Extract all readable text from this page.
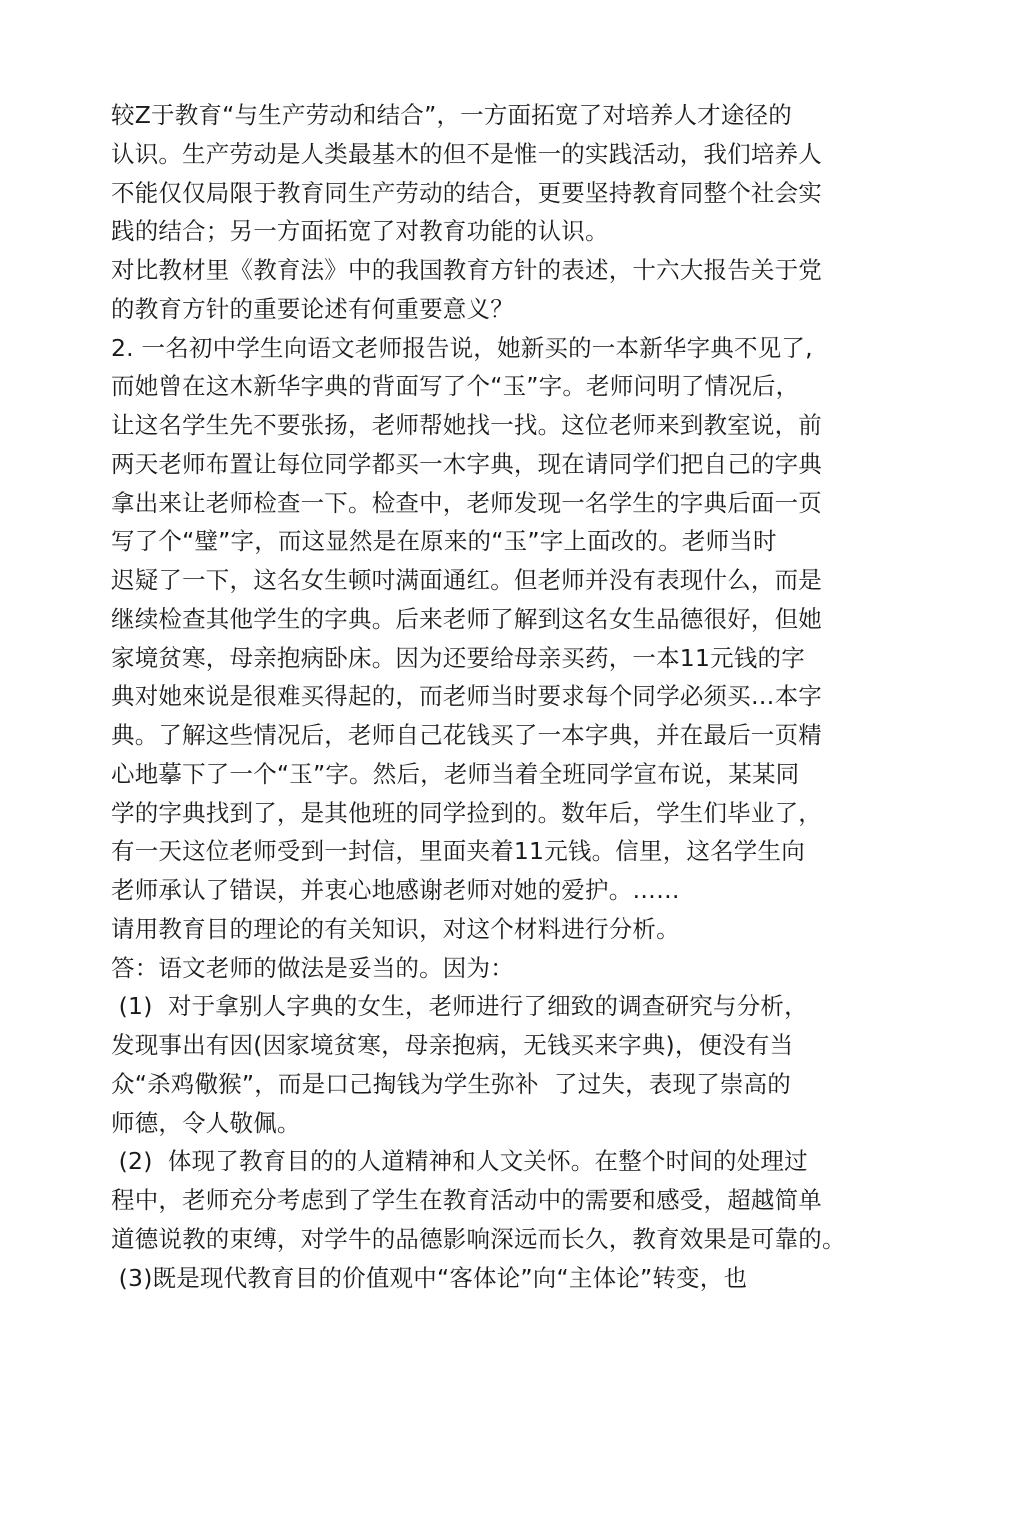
较Z于教育“与生产劳动和结合”，一方面拓宽了对培养人才途径的
认识。生产劳动是人类最基木的但不是惟一的实践活动，我们培养人
不能仅仅局限于教育同生产劳动的结合，更要坚持教育同整个社会实
践的结合；另一方面拓宽了对教育功能的认识。
对比教材里《教育法》中的我国教育方针的表述，十六大报告关于党
的教育方针的重要论述有何重要意义？
2. 一名初中学生向语文老师报告说，她新买的一本新华字典不见了,
而她曾在这木新华字典的背面写了个“玉”字。老师问明了情况后，
让这名学生先不要张扬，老师帮她找一找。这位老师来到教室说，前
两天老师布置让每位同学都买一木字典，现在请同学们把自己的字典
拿出来让老师检查一下。检查中，老师发现一名学生的字典后面一页
写了个“璧”字，而这显然是在原来的“玉”字上面改的。老师当时
迟疑了一下，这名女生顿吋满面通红。但老师并没有表现什么，而是
继续检查其他学生的字典。后来老师了解到这名女生品德很好，但她
家境贫寒，母亲抱病卧床。因为还要给母亲买药，一本11元钱的字
典对她來说是很难买得起的，而老师当时要求每个同学必须买…本字
典。了解这些情况后，老师自己花钱买了一本字典，并在最后一页精
心地摹下了一个“玉”字。然后，老师当着全班同学宣布说，某某同
学的字典找到了，是其他班的同学捡到的。数年后，学生们毕业了，
有一天这位老师受到一封信，里面夹着11元钱。信里，这名学生向
老师承认了错误，并衷心地感谢老师对她的爱护。……
请用教育目的理论的有关知识，对这个材料进行分析。
答：语文老师的做法是妥当的。因为：
(1)  对于拿别人字典的女生，老师进行了细致的调查研究与分析，
发现事出有因(因家境贫寒，母亲抱病，无钱买来字典)，便没有当
众“杀鸡儆猴”，而是口己掏钱为学生弥补  了过失，表现了崇高的
师德，令人敬佩。
(2)  体现了教育目的的人道精神和人文关怀。在整个时间的处理过
程中，老师充分考虑到了学生在教育活动中的需要和感受，超越简单
道德说教的束缚，对学牛的品德影响深远而长久，教育效果是可靠的。
(3)既是现代教育目的价值观中“客体论”向“主体论”转变，也
